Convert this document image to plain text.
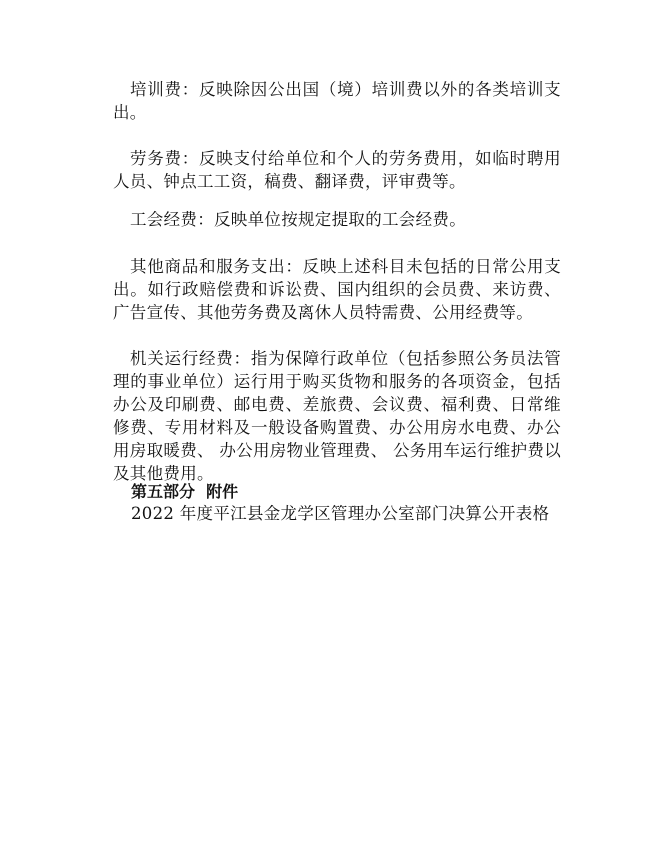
培训费：反映除因公出国（境）培训费以外的各类培训支出。

劳务费：反映支付给单位和个人的劳务费用，如临时聘用人员、钟点工工资，稿费、翻译费，评审费等。

工会经费：反映单位按规定提取的工会经费。

其他商品和服务支出：反映上述科目未包括的日常公用支出。如行政赔偿费和诉讼费、国内组织的会员费、来访费、广告宣传、其他劳务费及离休人员特需费、公用经费等。

机关运行经费：指为保障行政单位（包括参照公务员法管理的事业单位）运行用于购买货物和服务的各项资金，包括办公及印刷费、邮电费、差旅费、会议费、福利费、日常维修费、专用材料及一般设备购置费、办公用房水电费、办公用房取暖费、 办公用房物业管理费、 公务用车运行维护费以及其他费用。

第五部分  附件

2022 年度平江县金龙学区管理办公室部门决算公开表格
